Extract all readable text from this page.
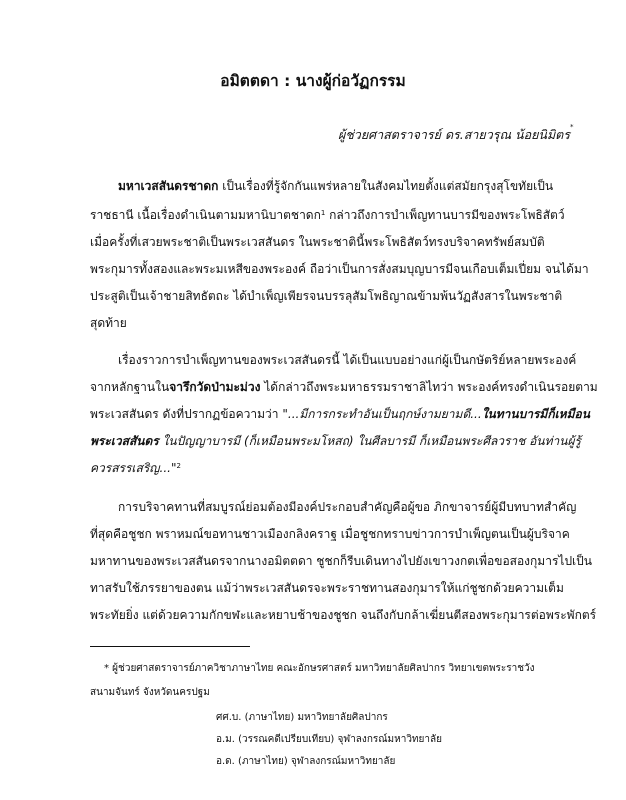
อมิตตดา : นางผู้ก่อวัฏกรรม
ผู้ช่วยศาสตราจารย์ ดร.สายวรุณ น้อยนิมิตร*
มหาเวสสันดรชาดก เป็นเรื่องที่รู้จักกันแพร่หลายในสังคมไทยตั้งแต่สมัยกรุงสุโขทัยเป็น
ราชธานี เนื้อเรื่องดำเนินตามมหานิบาตชาดก$^1$ กล่าวถึงการบำเพ็ญทานบารมีของพระโพธิสัตว์
เมื่อครั้งที่เสวยพระชาติเป็นพระเวสสันดร ในพระชาตินี้พระโพธิสัตว์ทรงบริจาคทรัพย์สมบัติ
พระกุมารทั้งสองและพระมเหสีของพระองค์ ถือว่าเป็นการสั่งสมบุญบารมีจนเกือบเต็มเปี่ยม จนได้มา
ประสูติเป็นเจ้าชายสิทธัตถะ ได้บำเพ็ญเพียรจนบรรลุสัมโพธิญาณข้ามพ้นวัฏสังสารในพระชาติ
สุดท้าย
เรื่องราวการบำเพ็ญทานของพระเวสสันดรนี้ ได้เป็นแบบอย่างแก่ผู้เป็นกษัตริย์หลายพระองค์
จากหลักฐานในจารึกวัดป่ามะม่วง ได้กล่าวถึงพระมหาธรรมราชาลิไทว่า พระองค์ทรงดำเนินรอยตาม
พระเวสสันดร ดังที่ปรากฏข้อความว่า "...มีการกระทำอันเป็นฤกษ์งามยามดี...ในทานบารมีก็เหมือน
พระเวสสันดร ในปัญญาบารมี (ก็เหมือนพระมโหสถ) ในศีลบารมี ก็เหมือนพระศีลวราช อันท่านผู้รู้
ควรสรรเสริญ..."$^2$
การบริจาคทานที่สมบูรณ์ย่อมต้องมีองค์ประกอบสำคัญคือผู้ขอ ภิกขาจารย์ผู้มีบทบาทสำคัญ
ที่สุดคือชูชก พราหมณ์ขอทานชาวเมืองกลิงคราฐ เมื่อชูชกทราบข่าวการบำเพ็ญตนเป็นผู้บริจาค
มหาทานของพระเวสสันดรจากนางอมิตตดา ชูชกก็รีบเดินทางไปยังเขาวงกตเพื่อขอสองกุมารไปเป็น
ทาสรับใช้ภรรยาของตน แม้ว่าพระเวสสันดรจะพระราชทานสองกุมารให้แก่ชูชกด้วยความเต็ม
พระทัยยิ่ง แต่ด้วยความกักขฬะและหยาบช้าของชูชก จนถึงกับกล้าเฆี่ยนตีสองพระกุมารต่อพระพักตร์
* ผู้ช่วยศาสตราจารย์ภาควิชาภาษาไทย คณะอักษรศาสตร์ มหาวิทยาลัยศิลปากร วิทยาเขตพระราชวัง
สนามจันทร์ จังหวัดนครปฐม
ศศ.บ. (ภาษาไทย) มหาวิทยาลัยศิลปากร
อ.ม. (วรรณคดีเปรียบเทียบ) จุฬาลงกรณ์มหาวิทยาลัย
อ.ด. (ภาษาไทย) จุฬาลงกรณ์มหาวิทยาลัย
